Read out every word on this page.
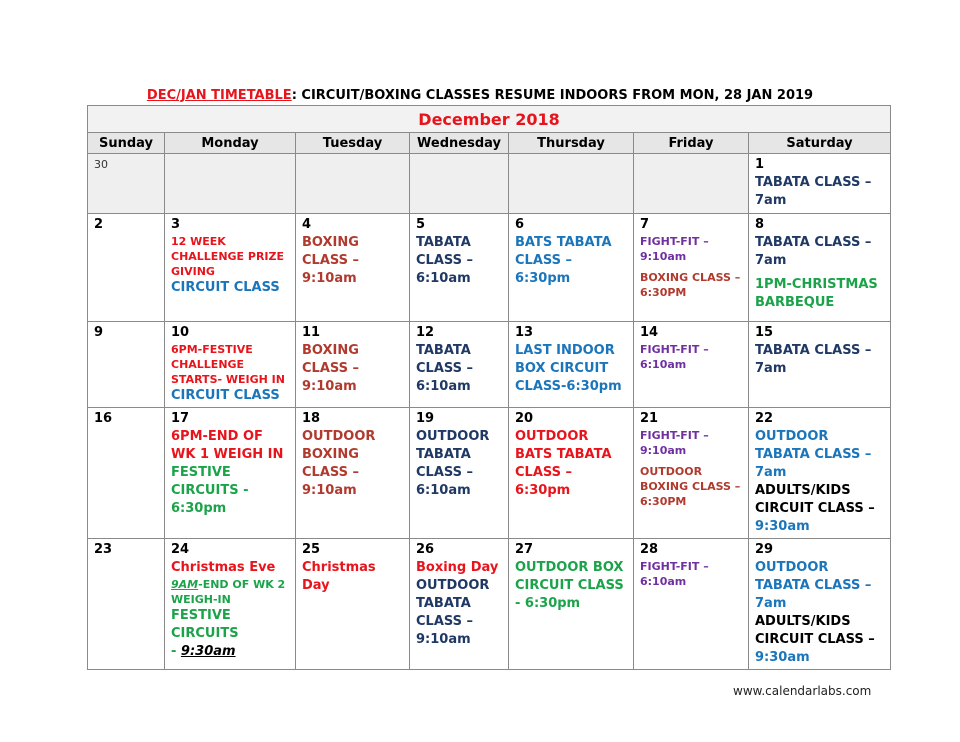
DEC/JAN TIMETABLE: CIRCUIT/BOXING CLASSES RESUME INDOORS FROM MON, 28 JAN 2019
December 2018						
Sunday	Monday	Tuesday	Wednesday	Thursday	Friday	Saturday

30						1
TABATA CLASS – 7am

2	3
12 WEEK CHALLENGE PRIZE GIVING
CIRCUIT CLASS	4
BOXING CLASS – 9:10am	5
TABATA CLASS – 6:10am	6
BATS TABATA CLASS – 6:30pm	7
FIGHT-FIT – 9:10am
BOXING CLASS – 6:30PM	8
TABATA CLASS – 7am
1PM-CHRISTMAS BARBEQUE

9	10
6PM-FESTIVE CHALLENGE STARTS- WEIGH IN
CIRCUIT CLASS	11
BOXING CLASS – 9:10am	12
TABATA CLASS – 6:10am	13
LAST INDOOR BOX CIRCUIT CLASS-6:30pm	14
FIGHT-FIT – 6:10am	15
TABATA CLASS – 7am

16	17
6PM-END OF WK 1 WEIGH IN
FESTIVE CIRCUITS - 6:30pm	18
OUTDOOR BOXING CLASS – 9:10am	19
OUTDOOR TABATA CLASS – 6:10am	20
OUTDOOR BATS TABATA CLASS – 6:30pm	21
FIGHT-FIT – 9:10am
OUTDOOR BOXING CLASS – 6:30PM	22
OUTDOOR TABATA CLASS – 7am
ADULTS/KIDS CIRCUIT CLASS –
9:30am

23	24
Christmas Eve
9AM-END OF WK 2 WEIGH-IN
FESTIVE CIRCUITS
- 9:30am	25
Christmas Day	26
Boxing Day
OUTDOOR TABATA CLASS – 9:10am	27
OUTDOOR BOX CIRCUIT CLASS - 6:30pm	28
FIGHT-FIT – 6:10am	29
OUTDOOR TABATA CLASS – 7am
ADULTS/KIDS CIRCUIT CLASS –
9:30am
www.calendarlabs.com
